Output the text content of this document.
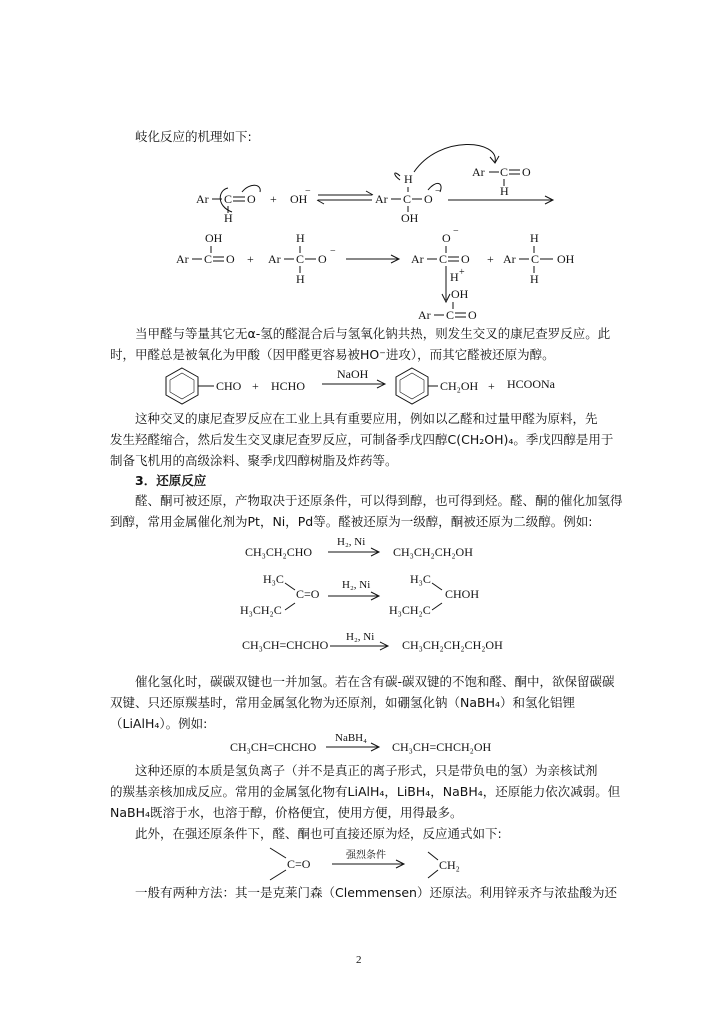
岐化反应的机理如下:
Ar C O
H
+ OH
−
Ar C
H
OH
O
−
Ar C O
H
OH
Ar C O +
H
Ar C O
−
H
O −
Ar C O
H +
+
H
Ar C OH
H
OH
Ar C O
当甲醛与等量其它无α-氢的醛混合后与氢氧化钠共热，则发生交叉的康尼查罗反应。此
时，甲醛总是被氧化为甲酸（因甲醛更容易被HO⁻进攻），而其它醛被还原为醇。
CHO + HCHO
NaOH
CH₂OH + HCOONa
这种交叉的康尼查罗反应在工业上具有重要应用，例如以乙醛和过量甲醛为原料，先
发生羟醛缩合，然后发生交叉康尼查罗反应，可制备季戊四醇C(CH₂OH)₄。季戊四醇是用于
制备飞机用的高级涂料、聚季戊四醇树脂及炸药等。
3．还原反应
醛、酮可被还原，产物取决于还原条件，可以得到醇，也可得到烃。醛、酮的催化加氢得
到醇，常用金属催化剂为Pt，Ni，Pd等。醛被还原为一级醇，酮被还原为二级醇。例如:
CH₃CH₂CHO
H₂, Ni
CH₃CH₂CH₂OH
H₃C
C=O
H₃CH₂C
H₂, Ni	H₃C
CHOH
H₃CH₂C
CH₃CH=CHCHO
H₂, Ni
CH₃CH₂CH₂CH₂OH
催化氢化时，碳碳双键也一并加氢。若在含有碳-碳双键的不饱和醛、酮中，欲保留碳碳
双键、只还原羰基时，常用金属氢化物为还原剂，如硼氢化钠（NaBH₄）和氢化铝锂
（LiAlH₄）。例如:
CH₃CH=CHCHO
NaBH₄
CH₃CH=CHCH₂OH
这种还原的本质是氢负离子（并不是真正的离子形式，只是带负电的氢）为亲核试剂
的羰基亲核加成反应。常用的金属氢化物有LiAlH₄，LiBH₄，NaBH₄，还原能力依次减弱。但
NaBH₄既溶于水，也溶于醇，价格便宜，使用方便，用得最多。
此外，在强还原条件下，醛、酮也可直接还原为烃，反应通式如下:
C=O
强烈条件
CH₂
一般有两种方法：其一是克莱门森（Clemmensen）还原法。利用锌汞齐与浓盐酸为还
2
